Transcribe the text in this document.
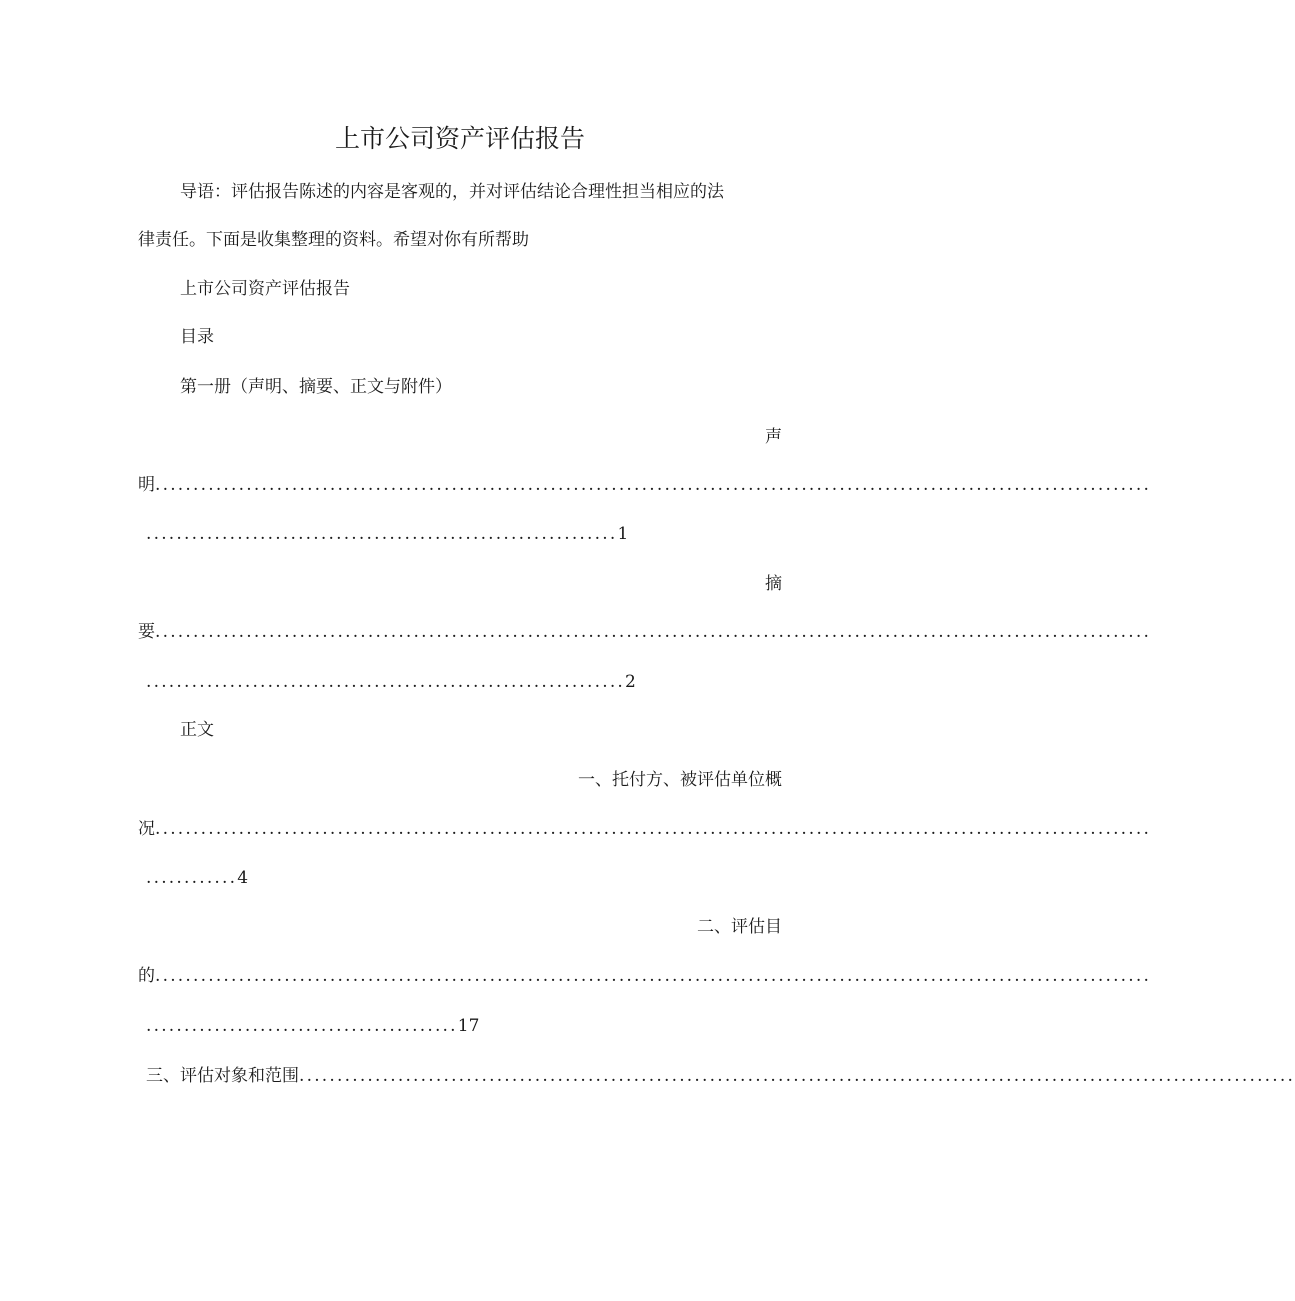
上市公司资产评估报告
导语：评估报告陈述的内容是客观的，并对评估结论合理性担当相应的法
律责任。下面是收集整理的资料。希望对你有所帮助
上市公司资产评估报告
目录
第一册（声明、摘要、正文与附件）
声
明...................................................................................................................................
..............................................................1
摘
要...................................................................................................................................
...............................................................2
正文
一、托付方、被评估单位概
况...................................................................................................................................
............4
二、评估目
的...................................................................................................................................
.........................................17
三、评估对象和范围...................................................................................................................................
